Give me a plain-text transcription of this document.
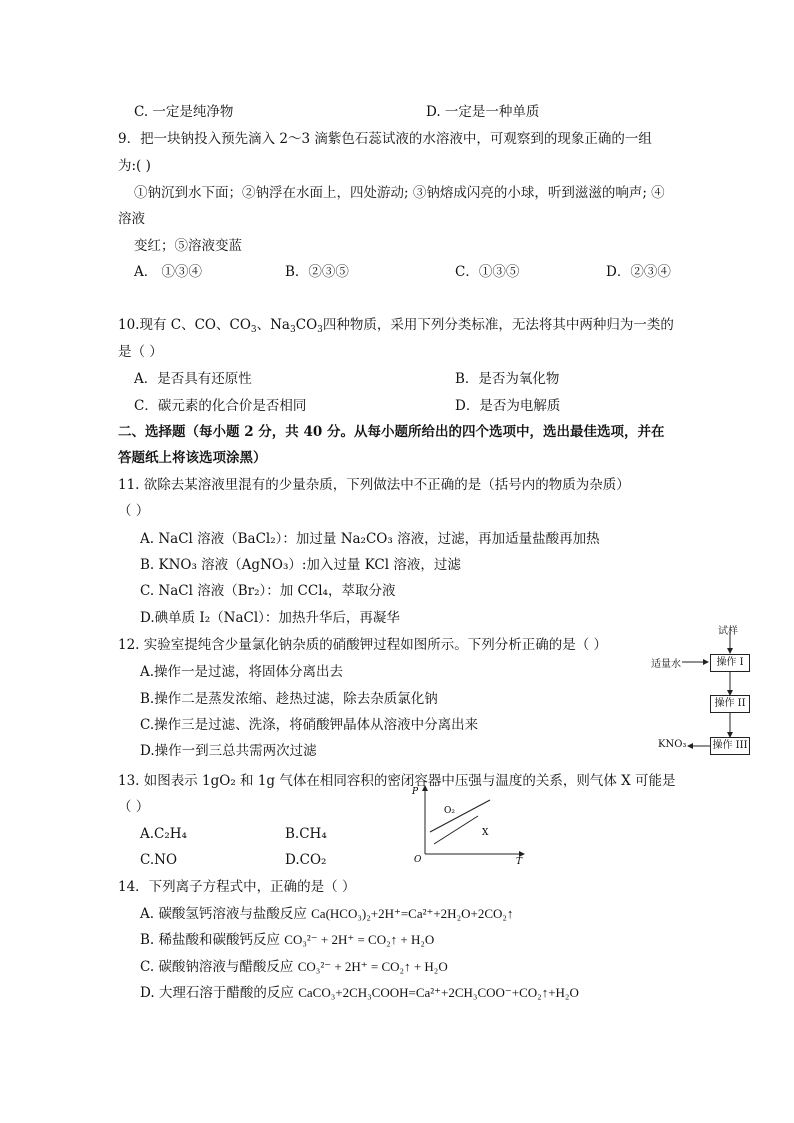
C. 一定是纯净物	D. 一定是一种单质
9．把一块钠投入预先滴入 2～3 滴紫色石蕊试液的水溶液中，可观察到的现象正确的一组
为:( )
①钠沉到水下面；②钠浮在水面上，四处游动; ③钠熔成闪亮的小球，听到滋滋的响声; ④
溶液
变红；⑤溶液变蓝
A． ①③④	B．②③⑤	C．①③⑤	D．②③④
10.现有 C、CO、$CO_3$、$Na_3CO_3$四种物质，采用下列分类标准，无法将其中两种归为一类的
是（ ）
A．是否具有还原性	B．是否为氧化物
C．碳元素的化合价是否相同	D．是否为电解质
二、选择题（每小题 2 分，共 40 分。从每小题所给出的四个选项中，选出最佳选项，并在
答题纸上将该选项涂黑）
11. 欲除去某溶液里混有的少量杂质，下列做法中不正确的是（括号内的物质为杂质）
（ ）
A. NaCl 溶液（BaCl₂）：加过量 Na₂CO₃ 溶液，过滤，再加适量盐酸再加热
B. KNO₃ 溶液（AgNO₃）:加入过量 KCl 溶液，过滤
C. NaCl 溶液（Br₂）：加 CCl₄，萃取分液
D.碘单质 I₂（NaCl）：加热升华后，再凝华
12. 实验室提纯含少量氯化钠杂质的硝酸钾过程如图所示。下列分析正确的是（ ）
A.操作一是过滤，将固体分离出去
B.操作二是蒸发浓缩、趁热过滤，除去杂质氯化钠
C.操作三是过滤、洗涤，将硝酸钾晶体从溶液中分离出来
D.操作一到三总共需两次过滤
试样
适量水	操作 I
操作 II
操作 III
KNO₃
13. 如图表示 1gO₂ 和 1g 气体在相同容积的密闭容器中压强与温度的关系，则气体 X 可能是
（ ）
A.C₂H₄	B.CH₄
C.NO	D.CO₂
P
T
O
O₂
X
14．下列离子方程式中，正确的是（ ）
A. 碳酸氢钙溶液与盐酸反应 Ca(HCO₃)₂+2H⁺=Ca²⁺+2H₂O+2CO₂↑
B. 稀盐酸和碳酸钙反应 CO₃²⁻ + 2H⁺ = CO₂↑ + H₂O
C. 碳酸钠溶液与醋酸反应 CO₃²⁻ + 2H⁺ = CO₂↑ + H₂O
D. 大理石溶于醋酸的反应 CaCO₃+2CH₃COOH=Ca²⁺+2CH₃COO⁻+CO₂↑+H₂O
